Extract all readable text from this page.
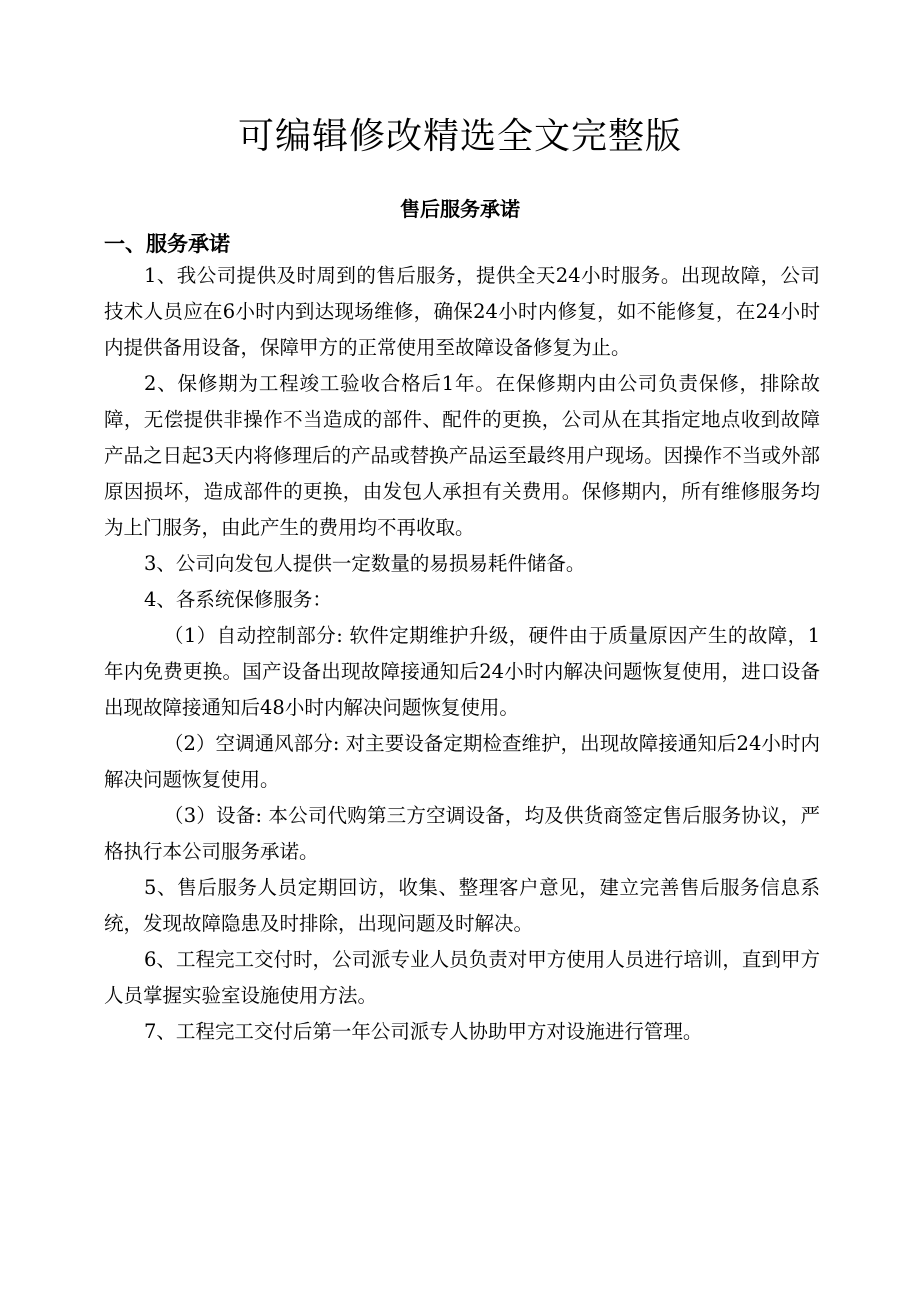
可编辑修改精选全文完整版
售后服务承诺
一、服务承诺

1、我公司提供及时周到的售后服务，提供全天24小时服务。出现故障，公司技术人员应在6小时内到达现场维修，确保24小时内修复，如不能修复，在24小时内提供备用设备，保障甲方的正常使用至故障设备修复为止。

2、保修期为工程竣工验收合格后1年。在保修期内由公司负责保修，排除故障，无偿提供非操作不当造成的部件、配件的更换，公司从在其指定地点收到故障产品之日起3天内将修理后的产品或替换产品运至最终用户现场。因操作不当或外部原因损坏，造成部件的更换，由发包人承担有关费用。保修期内，所有维修服务均为上门服务，由此产生的费用均不再收取。

3、公司向发包人提供一定数量的易损易耗件储备。

4、各系统保修服务：

（1）自动控制部分: 软件定期维护升级，硬件由于质量原因产生的故障，1年内免费更换。国产设备出现故障接通知后24小时内解决问题恢复使用，进口设备出现故障接通知后48小时内解决问题恢复使用。

（2）空调通风部分: 对主要设备定期检查维护，出现故障接通知后24小时内解决问题恢复使用。

（3）设备: 本公司代购第三方空调设备，均及供货商签定售后服务协议，严格执行本公司服务承诺。

5、售后服务人员定期回访，收集、整理客户意见，建立完善售后服务信息系统，发现故障隐患及时排除，出现问题及时解决。

6、工程完工交付时，公司派专业人员负责对甲方使用人员进行培训，直到甲方人员掌握实验室设施使用方法。

7、工程完工交付后第一年公司派专人协助甲方对设施进行管理。
